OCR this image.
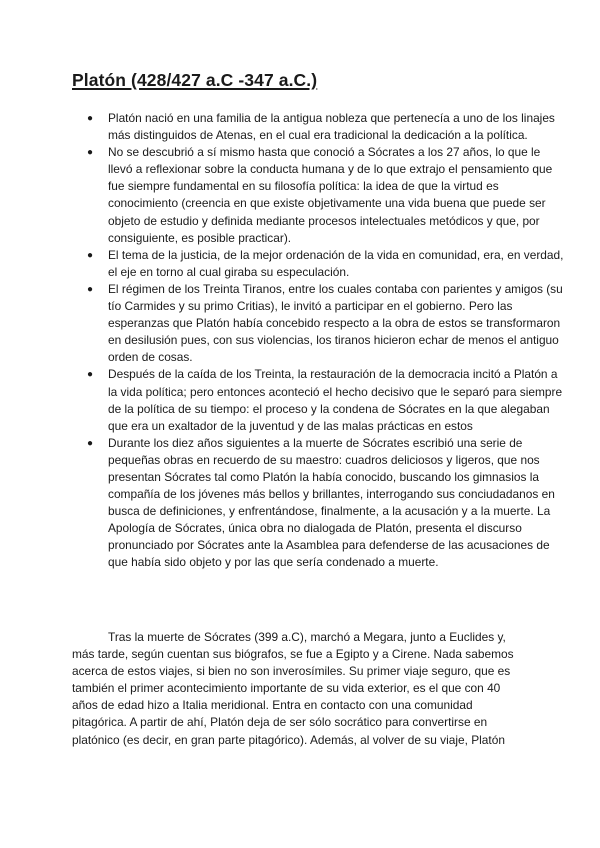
Platón (428/427 a.C -347 a.C.)
● Platón nació en una familia de la antigua nobleza que pertenecía a uno de los linajes más distinguidos de Atenas, en el cual era tradicional la dedicación a la política.
● No se descubrió a sí mismo hasta que conoció a Sócrates a los 27 años, lo que le llevó a reflexionar sobre la conducta humana y de lo que extrajo el pensamiento que fue siempre fundamental en su filosofía política: la idea de que la virtud es conocimiento (creencia en que existe objetivamente una vida buena que puede ser objeto de estudio y definida mediante procesos intelectuales metódicos y que, por consiguiente, es posible practicar).
● El tema de la justicia, de la mejor ordenación de la vida en comunidad, era, en verdad, el eje en torno al cual giraba su especulación.
● El régimen de los Treinta Tiranos, entre los cuales contaba con parientes y amigos (su tío Carmides y su primo Critias), le invitó a participar en el gobierno. Pero las esperanzas que Platón había concebido respecto a la obra de estos se transformaron en desilusión pues, con sus violencias, los tiranos hicieron echar de menos el antiguo orden de cosas.
● Después de la caída de los Treinta, la restauración de la democracia incitó a Platón a la vida política; pero entonces aconteció el hecho decisivo que le separó para siempre de la política de su tiempo: el proceso y la condena de Sócrates en la que alegaban que era un exaltador de la juventud y de las malas prácticas en estos
● Durante los diez años siguientes a la muerte de Sócrates escribió una serie de pequeñas obras en recuerdo de su maestro: cuadros deliciosos y ligeros, que nos presentan Sócrates tal como Platón la había conocido, buscando los gimnasios la compañía de los jóvenes más bellos y brillantes, interrogando sus conciudadanos en busca de definiciones, y enfrentándose, finalmente, a la acusación y a la muerte. La Apología de Sócrates, única obra no dialogada de Platón, presenta el discurso pronunciado por Sócrates ante la Asamblea para defenderse de las acusaciones de que había sido objeto y por las que sería condenado a muerte.

Tras la muerte de Sócrates (399 a.C), marchó a Megara, junto a Euclides y, más tarde, según cuentan sus biógrafos, se fue a Egipto y a Cirene. Nada sabemos acerca de estos viajes, si bien no son inverosímiles. Su primer viaje seguro, que es también el primer acontecimiento importante de su vida exterior, es el que con 40 años de edad hizo a Italia meridional. Entra en contacto con una comunidad pitagórica. A partir de ahí, Platón deja de ser sólo socrático para convertirse en platónico (es decir, en gran parte pitagórico). Además, al volver de su viaje, Platón
